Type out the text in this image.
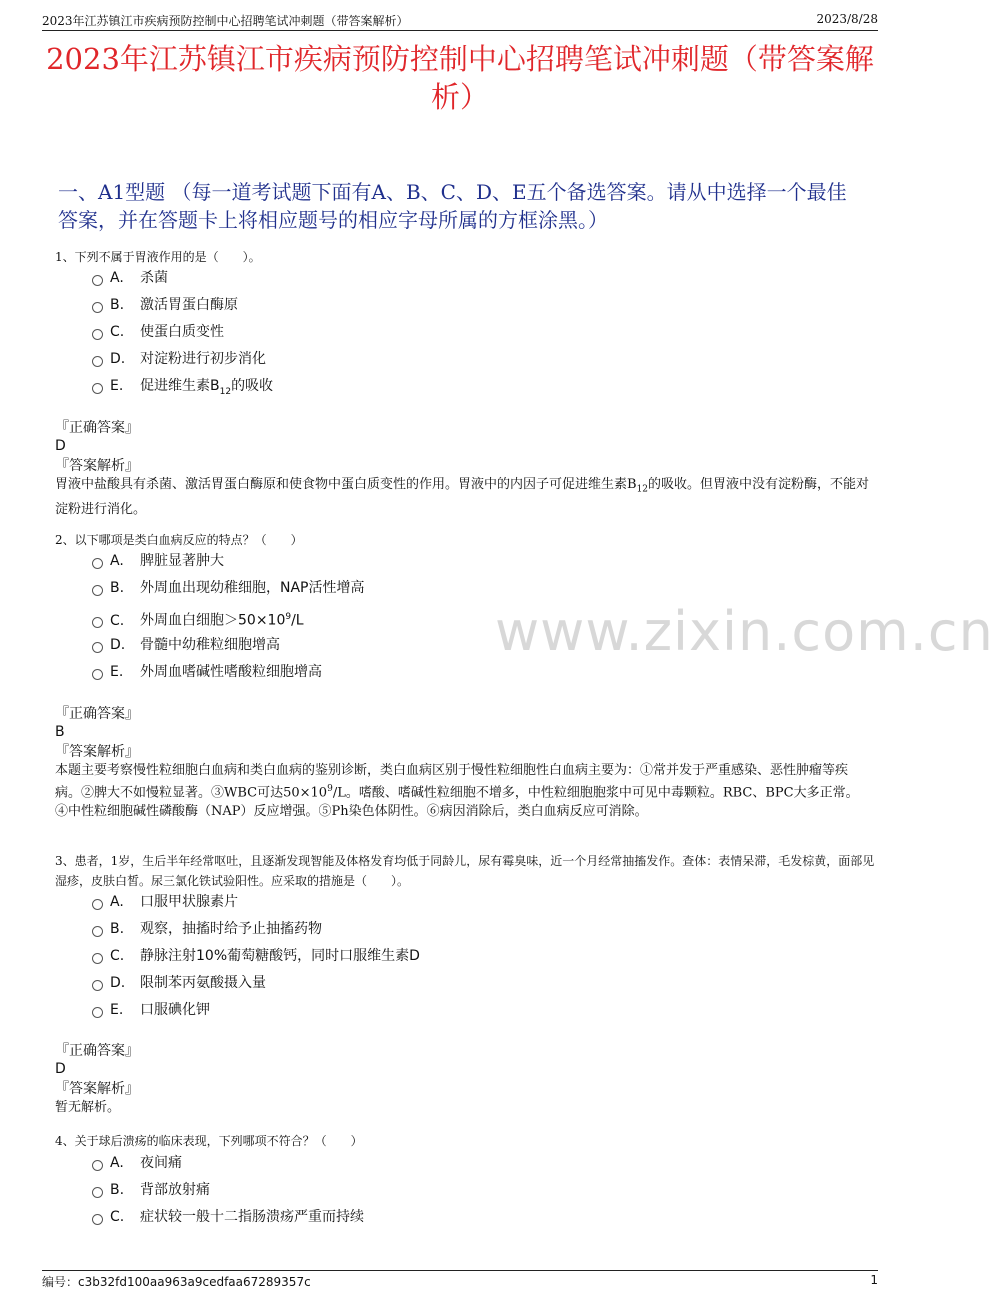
2023年江苏镇江市疾病预防控制中心招聘笔试冲刺题（带答案解析）	2023/8/28
2023年江苏镇江市疾病预防控制中心招聘笔试冲刺题（带答案解析）
一、A1型题 （每一道考试题下面有A、B、C、D、E五个备选答案。请从中选择一个最佳答案，并在答题卡上将相应题号的相应字母所属的方框涂黑。）
www.zixin.com.cn
1、下列不属于胃液作用的是（　　）。
A. 杀菌
B. 激活胃蛋白酶原
C. 使蛋白质变性
D. 对淀粉进行初步消化
E. 促进维生素$B_{12}$的吸收
『正确答案』
D
『答案解析』
胃液中盐酸具有杀菌、激活胃蛋白酶原和使食物中蛋白质变性的作用。胃液中的内因子可促进维生素$B_{12}$的吸收。但胃液中没有淀粉酶，不能对淀粉进行消化。
2、以下哪项是类白血病反应的特点？（　　）
A. 脾脏显著肿大
B. 外周血出现幼稚细胞，NAP活性增高
C. 外周血白细胞$>50\times 10^9/L$
D. 骨髓中幼稚粒细胞增高
E. 外周血嗜碱性嗜酸粒细胞增高
『正确答案』
B
『答案解析』
本题主要考察慢性粒细胞白血病和类白血病的鉴别诊断，类白血病区别于慢性粒细胞性白血病主要为：①常并发于严重感染、恶性肿瘤等疾病。②脾大不如慢粒显著。③WBC可达$50\times 10^9/L$。嗜酸、嗜碱性粒细胞不增多，中性粒细胞胞浆中可见中毒颗粒。RBC、BPC大多正常。④中性粒细胞碱性磷酸酶（NAP）反应增强。⑤Ph染色体阴性。⑥病因消除后，类白血病反应可消除。
3、患者，1岁，生后半年经常呕吐，且逐渐发现智能及体格发育均低于同龄儿，尿有霉臭味，近一个月经常抽搐发作。查体：表情呆滞，毛发棕黄，面部见湿疹，皮肤白皙。尿三氯化铁试验阳性。应采取的措施是（　　）。
A. 口服甲状腺素片
B. 观察，抽搐时给予止抽搐药物
C. 静脉注射10%葡萄糖酸钙，同时口服维生素D
D. 限制苯丙氨酸摄入量
E. 口服碘化钾
『正确答案』
D
『答案解析』
暂无解析。
4、关于球后溃疡的临床表现，下列哪项不符合？（　　）
A. 夜间痛
B. 背部放射痛
C. 症状较一般十二指肠溃疡严重而持续
编号：c3b32fd100aa963a9cedfaa67289357c	1
